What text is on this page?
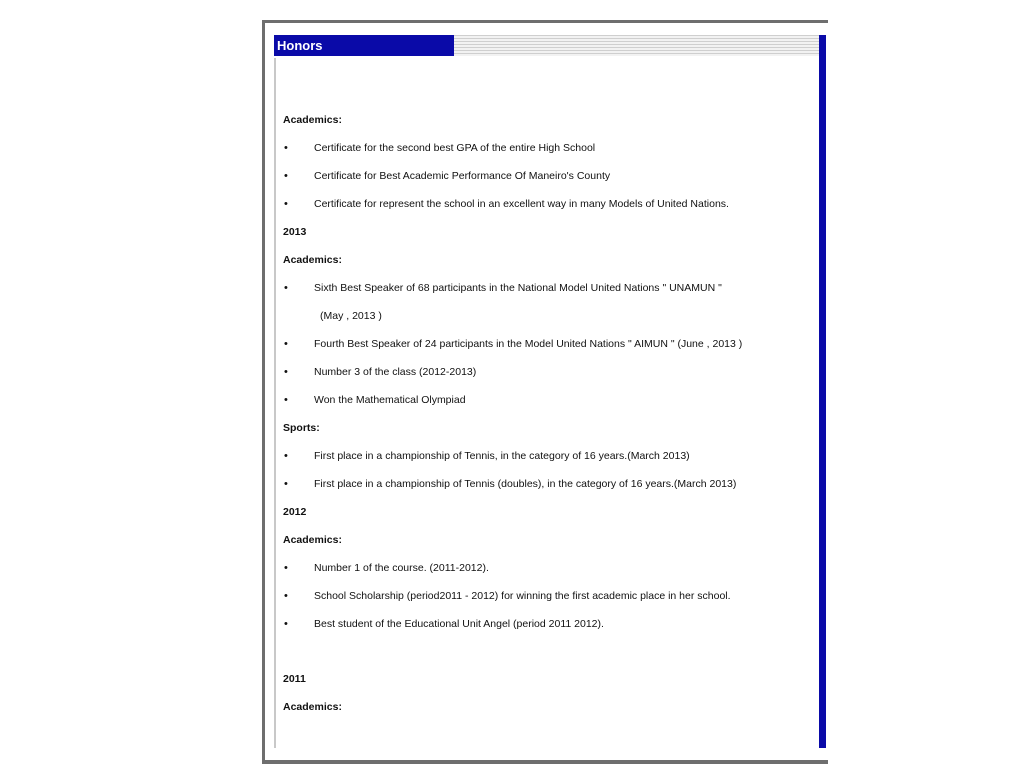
Honors
Academics:
• Certificate for the second best GPA of the entire High School
• Certificate for Best Academic Performance Of Maneiro's County
• Certificate for represent the school in an excellent way in many Models of United Nations.
2013
Academics:
• Sixth Best Speaker of 68 participants in the National Model United Nations " UNAMUN "
(May , 2013 )
• Fourth Best Speaker of 24 participants in the Model United Nations " AIMUN " (June , 2013 )
• Number 3 of the class (2012-2013)
• Won the Mathematical Olympiad
Sports:
• First place in a championship of Tennis, in the category of 16 years.(March 2013)
• First place in a championship of Tennis (doubles), in the category of 16 years.(March 2013)
2012
Academics:
• Number 1 of the course. (2011-2012).
• School Scholarship (period2011 - 2012) for winning the first academic place in her school.
• Best student of the Educational Unit Angel (period 2011 2012).
2011
Academics:
